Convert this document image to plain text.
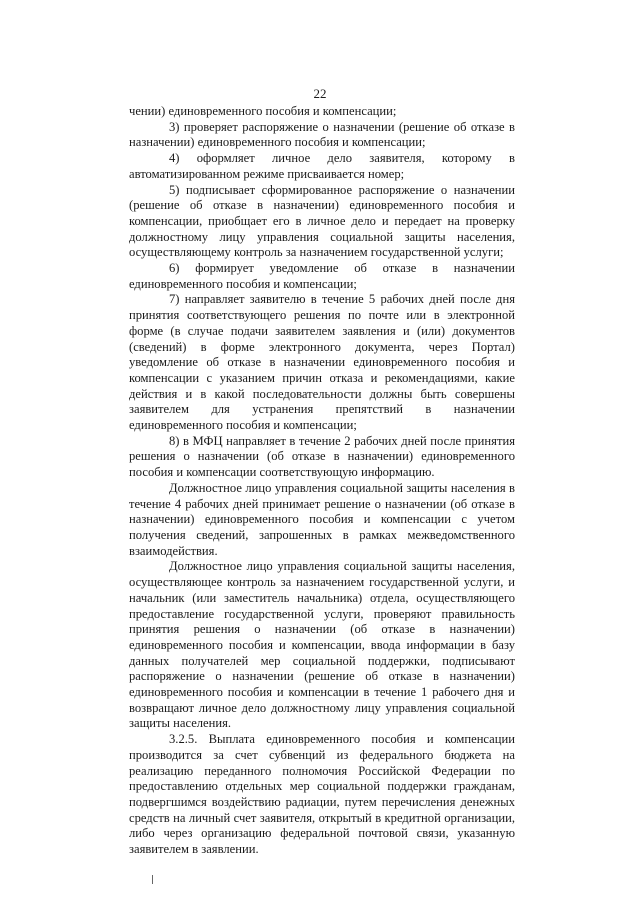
22

чении) единовременного пособия и компенсации;

3) проверяет распоряжение о назначении (решение об отказе в назначении) единовременного пособия и компенсации;

4) оформляет личное дело заявителя, которому в автоматизированном режиме присваивается номер;

5) подписывает сформированное распоряжение о назначении (решение об отказе в назначении) единовременного пособия и компенсации, приобщает его в личное дело и передает на проверку должностному лицу управления социальной защиты населения, осуществляющему контроль за назначением государственной услуги;

6) формирует уведомление об отказе в назначении единовременного пособия и компенсации;

7) направляет заявителю в течение 5 рабочих дней после дня принятия соответствующего решения по почте или в электронной форме (в случае подачи заявителем заявления и (или) документов (сведений) в форме электронного документа, через Портал) уведомление об отказе в назначении единовременного пособия и компенсации с указанием причин отказа и рекомендациями, какие действия и в какой последовательности должны быть совершены заявителем для устранения препятствий в назначении единовременного пособия и компенсации;

8) в МФЦ направляет в течение 2 рабочих дней после принятия решения о назначении (об отказе в назначении) единовременного пособия и компенсации соответствующую информацию.

Должностное лицо управления социальной защиты населения в течение 4 рабочих дней принимает решение о назначении (об отказе в назначении) единовременного пособия и компенсации с учетом получения сведений, запрошенных в рамках межведомственного взаимодействия.

Должностное лицо управления социальной защиты населения, осуществляющее контроль за назначением государственной услуги, и начальник (или заместитель начальника) отдела, осуществляющего предоставление государственной услуги, проверяют правильность принятия решения о назначении (об отказе в назначении) единовременного пособия и компенсации, ввода информации в базу данных получателей мер социальной поддержки, подписывают распоряжение о назначении (решение об отказе в назначении) единовременного пособия и компенсации в течение 1 рабочего дня и возвращают личное дело должностному лицу управления социальной защиты населения.

3.2.5. Выплата единовременного пособия и компенсации производится за счет субвенций из федерального бюджета на реализацию переданного полномочия Российской Федерации по предоставлению отдельных мер социальной поддержки гражданам, подвергшимся воздействию радиации, путем перечисления денежных средств на личный счет заявителя, открытый в кредитной организации, либо через организацию федеральной почтовой связи, указанную заявителем в заявлении.
